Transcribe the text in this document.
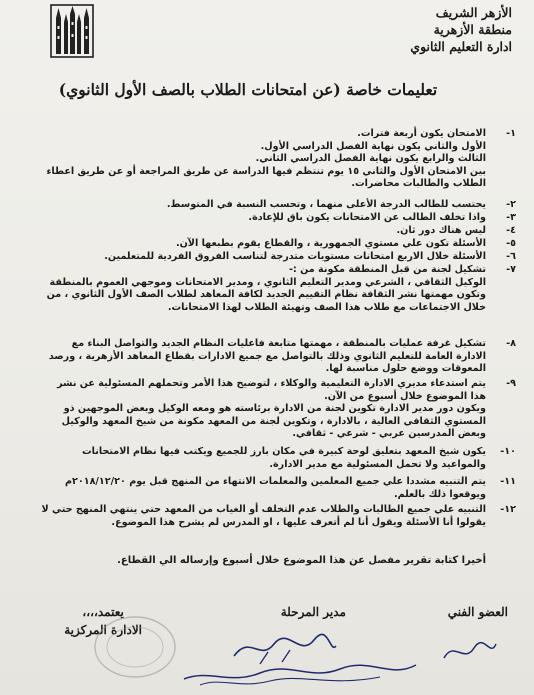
الأزهر الشريف
منطقة الأزهرية
ادارة التعليم الثانوي
تعليمات خاصة (عن امتحانات الطلاب بالصف الأول الثانوي)
-١
الامتحان يكون أربعة فترات.
الأول والثاني يكون نهاية الفصل الدراسي الأول.
الثالث والرابع يكون نهاية الفصل الدراسي الثاني.
بين الامتحان الأول والثاني ١٥ يوم تنتظم فيها الدراسة عن طريق المراجعة أو عن طريق اعطاء
الطلاب والطالبات محاضرات.
-٢
يحتسب للطالب الدرجة الأعلى منهما ، وتحسب النسبة في المتوسط.
-٣
واذا تخلف الطالب عن الامتحانات يكون باق للإعادة.
-٤
ليس هناك دور ثان.
-٥
الأسئلة تكون علي مستوي الجمهورية ، والقطاع يقوم بطبعها الآن.
-٦
الأسئلة خلال الاربع امتحانات مستويات متدرجة لتناسب الفروق الفردية للمتعلمين.
-٧
تشكيل لجنة من قبل المنطقة مكونة من :-
الوكيل الثقافي ، الشرعي ومدير التعليم الثانوي ، ومدير الامتحانات وموجهي العموم بالمنطقة
وتكون مهمتها نشر الثقافة نظام التقييم الجديد لكافة المعاهد لطلاب الصف الأول الثانوي ، من
خلال الاجتماعات مع طلاب هذا الصف وتهيئة الطلاب لهذا الامتحانات.
-٨
تشكيل غرفة عمليات بالمنطقة ، مهمتها متابعة فاعليات النظام الجديد والتواصل البناء مع
الادارة العامة للتعليم الثانوي وذلك بالتواصل مع جميع الادارات بقطاع المعاهد الأزهرية ، ورصد
المعوقات ووضع حلول مناسبة لها.
-٩
يتم استدعاء مديري الادارة التعليمية والوكلاء ، لتوضيح هذا الأمر وتحملهم المسئولية عن نشر
هذا الموضوع خلال أسبوع من الآن.
ويكون دور مدير الادارة تكوين لجنة من الادارة برئاسته هو ومعه الوكيل وبعض الموجهين ذو
المستوي الثقافي العالية ، بالادارة ، وتكوين لجنة من المعهد مكونة من شيخ المعهد والوكيل
وبعض المدرسين عربي - شرعي - ثقافي.
-١٠
يكون شيخ المعهد بتعليق لوحة كبيرة في مكان بارز للجميع ويكتب فيها نظام الامتحانات
والمواعيد ولا تحمل المسئولية مع مدير الادارة.
-١١
يتم التنبيه مشددا علي جميع المعلمين والمعلمات الانتهاء من المنهج قبل يوم ٢٠١٨/١٢/٢٠م
ويوقعوا ذلك بالعلم.
-١٢
التنبيه علي جميع الطالبات والطلاب عدم التخلف أو الغياب من المعهد حتي ينتهي المنهج حتي لا
يقولوا أنا الأسئلة ويقول أنا لم أتعرف عليها ، او المدرس لم يشرح هذا الموضوع.
أخيرا كتابة تقرير مفصل عن هذا الموضوع خلال أسبوع وإرساله الي القطاع.
العضو الفني
مدير المرحلة
يعتمد،،،،
الادارة المركزية
